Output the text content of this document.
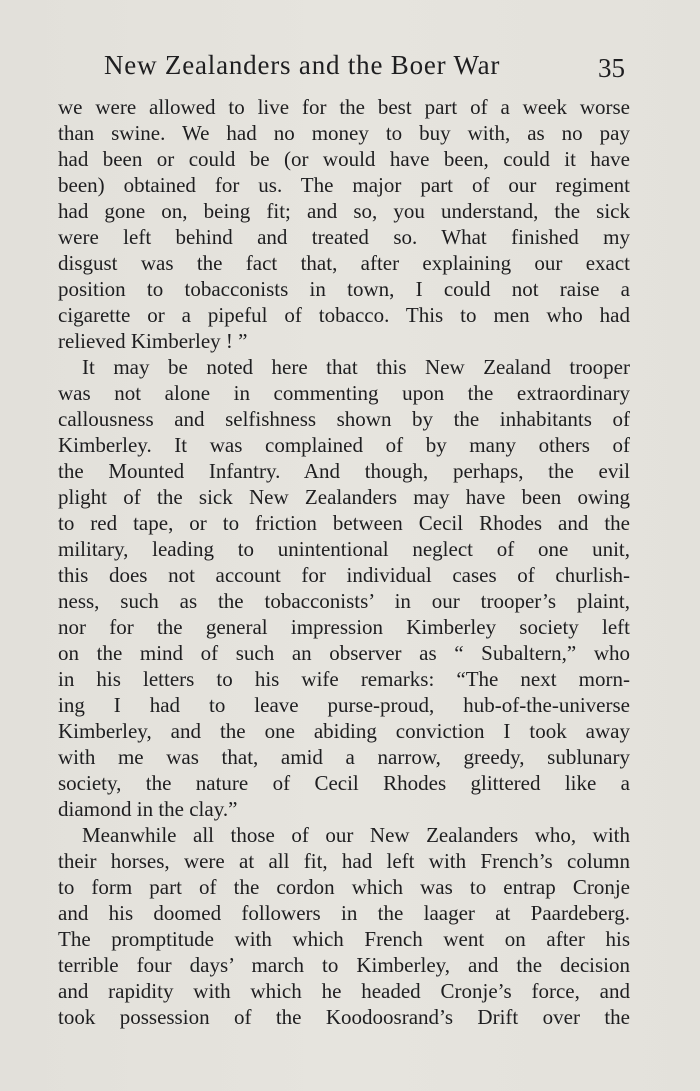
New Zealanders and the Boer War	35
we were allowed to live for the best part of a week worse
than swine. We had no money to buy with, as no pay
had been or could be (or would have been, could it have
been) obtained for us. The major part of our regiment
had gone on, being fit; and so, you understand, the sick
were left behind and treated so. What finished my
disgust was the fact that, after explaining our exact
position to tobacconists in town, I could not raise a
cigarette or a pipeful of tobacco. This to men who had
relieved Kimberley ! ”
It may be noted here that this New Zealand trooper
was not alone in commenting upon the extraordinary
callousness and selfishness shown by the inhabitants of
Kimberley. It was complained of by many others of
the Mounted Infantry. And though, perhaps, the evil
plight of the sick New Zealanders may have been owing
to red tape, or to friction between Cecil Rhodes and the
military, leading to unintentional neglect of one unit,
this does not account for individual cases of churlish-
ness, such as the tobacconists’ in our trooper’s plaint,
nor for the general impression Kimberley society left
on the mind of such an observer as “ Subaltern,” who
in his letters to his wife remarks: “The next morn-
ing I had to leave purse-proud, hub-of-the-universe
Kimberley, and the one abiding conviction I took away
with me was that, amid a narrow, greedy, sublunary
society, the nature of Cecil Rhodes glittered like a
diamond in the clay.”
Meanwhile all those of our New Zealanders who, with
their horses, were at all fit, had left with French’s column
to form part of the cordon which was to entrap Cronje
and his doomed followers in the laager at Paardeberg.
The promptitude with which French went on after his
terrible four days’ march to Kimberley, and the decision
and rapidity with which he headed Cronje’s force, and
took possession of the Koodoosrand’s Drift over the
